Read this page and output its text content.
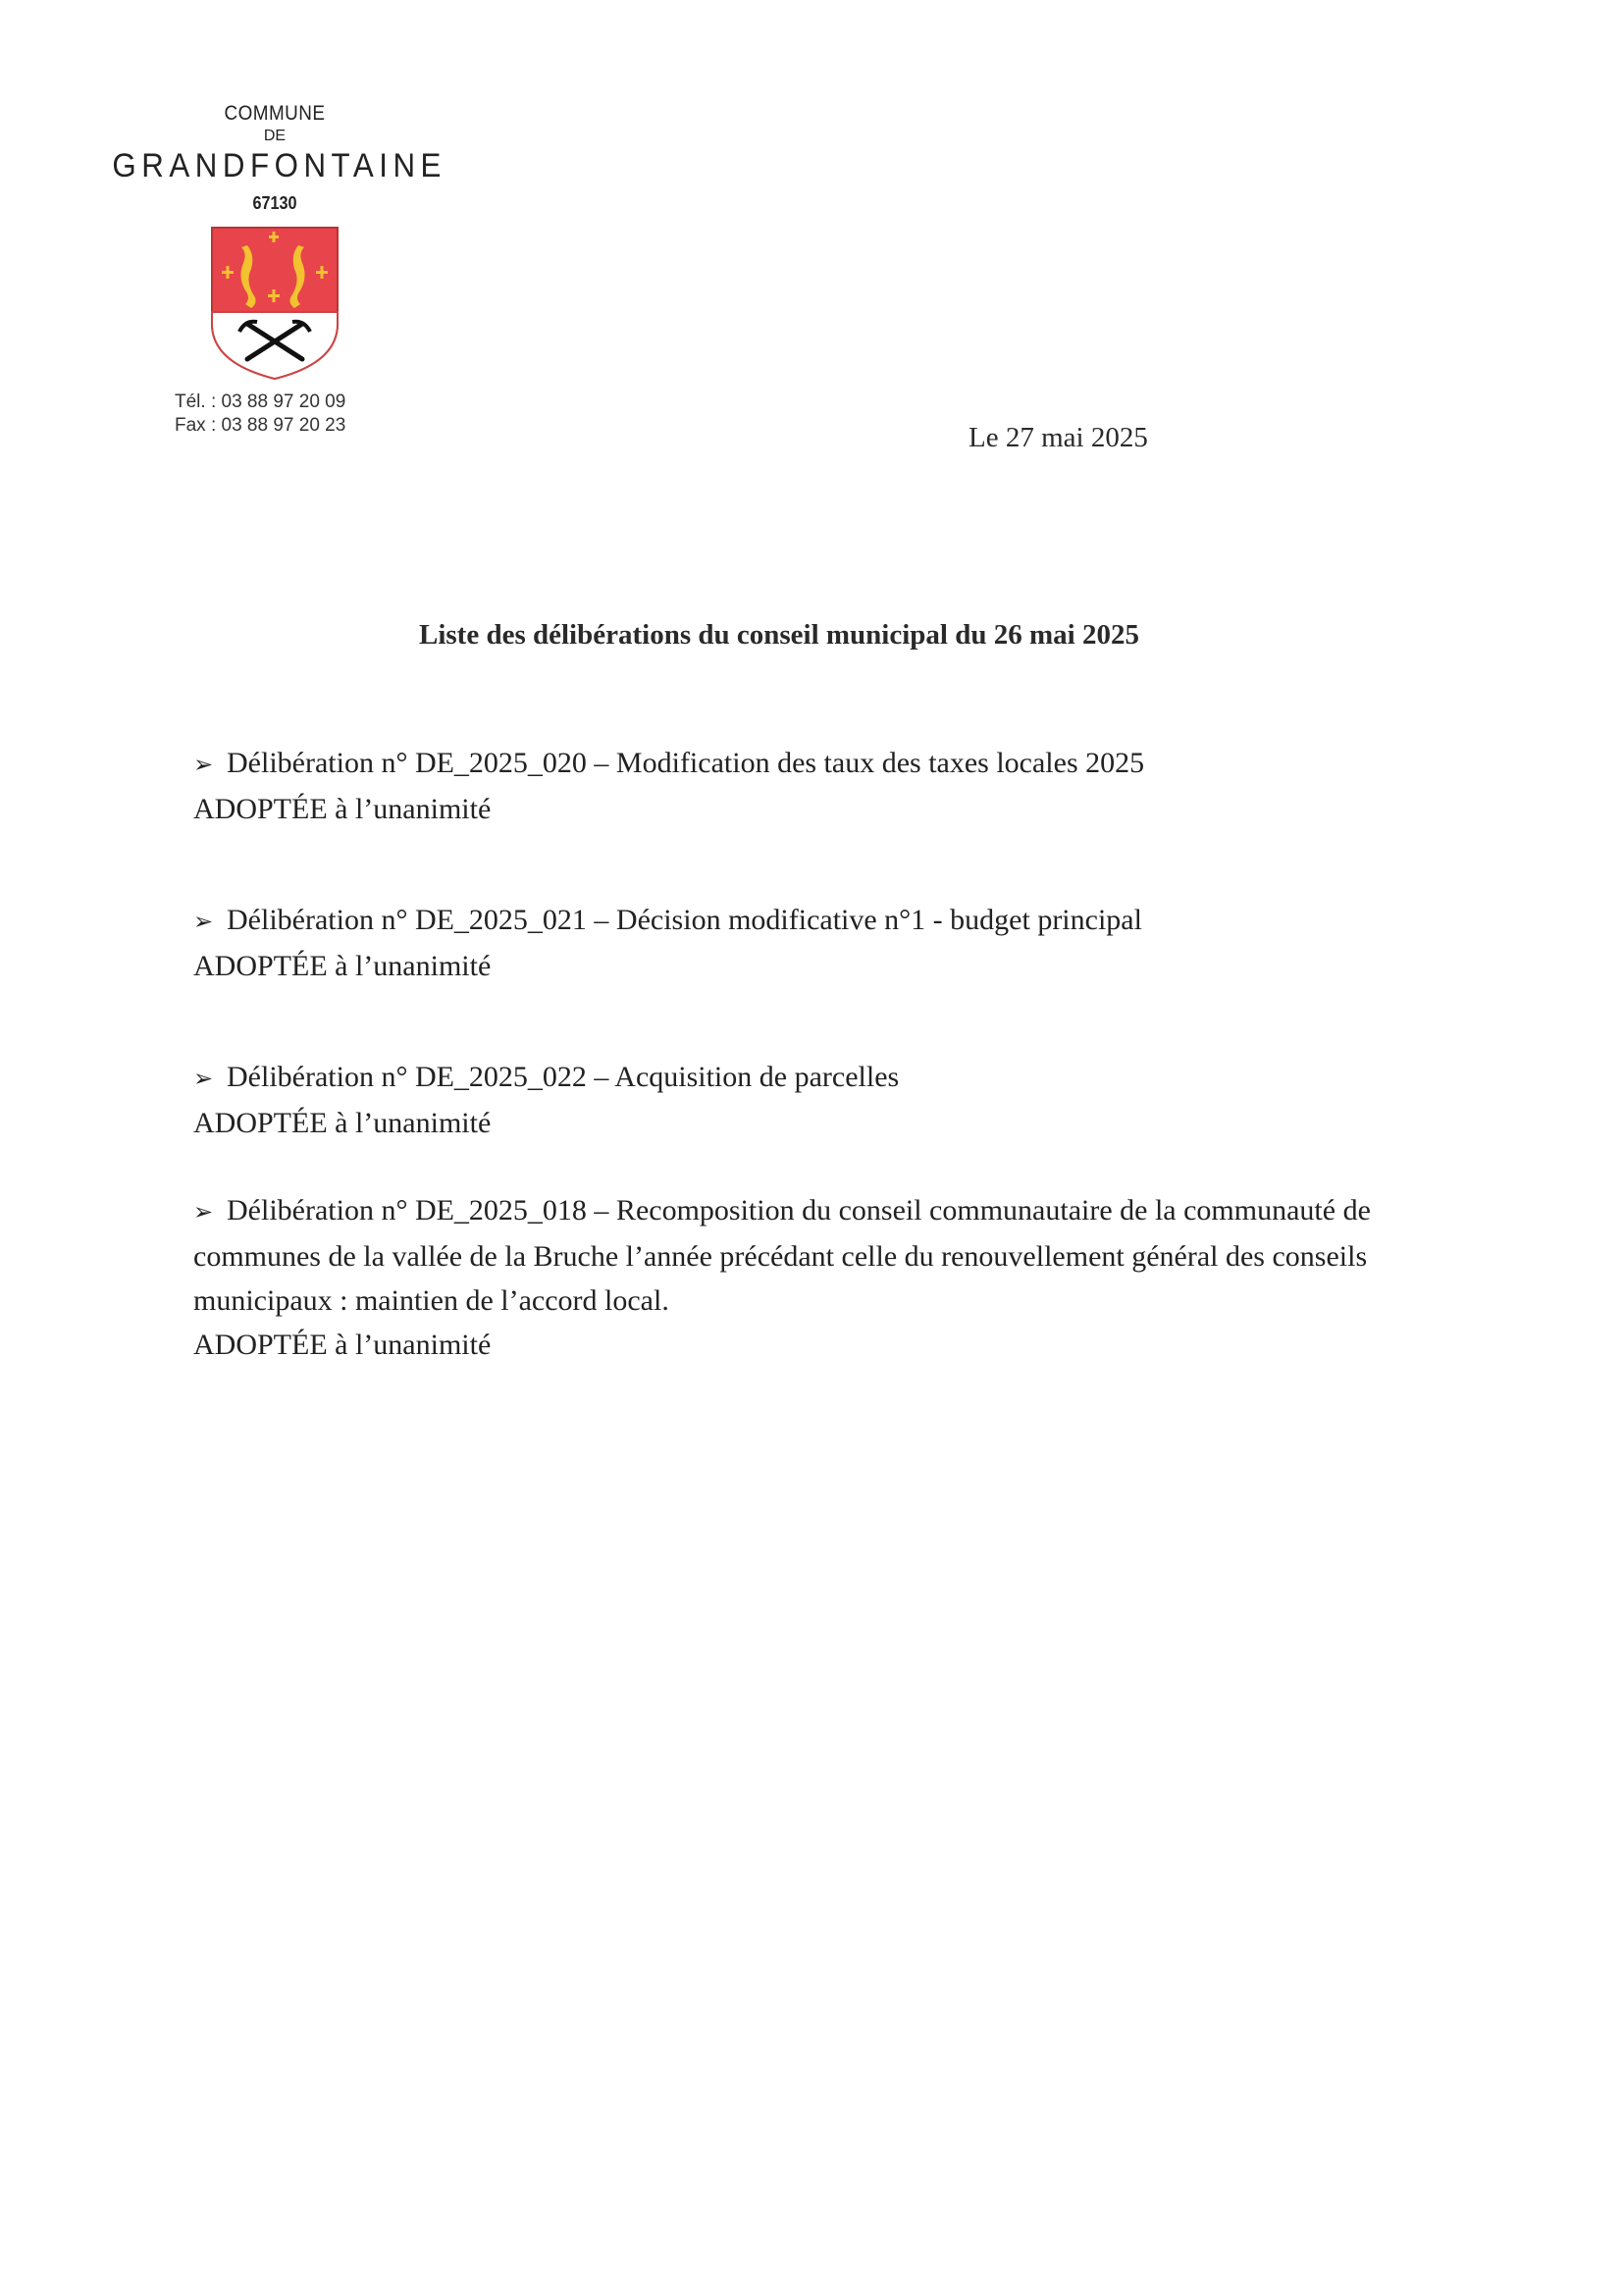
COMMUNE
DE
GRANDFONTAINE
67130
Tél. : 03 88 97 20 09
Fax : 03 88 97 20 23	Le 27 mai 2025
Liste des délibérations du conseil municipal du 26 mai 2025

➢ Délibération n° DE_2025_020 – Modification des taux des taxes locales 2025

ADOPTÉE à l’unanimité

➢ Délibération n° DE_2025_021 – Décision modificative n°1 - budget principal

ADOPTÉE à l’unanimité

➢ Délibération n° DE_2025_022 – Acquisition de parcelles

ADOPTÉE à l’unanimité

➢ Délibération n° DE_2025_018 – Recomposition du conseil communautaire de la communauté de communes de la vallée de la Bruche l’année précédant celle du renouvellement général des conseils municipaux : maintien de l’accord local.

ADOPTÉE à l’unanimité
